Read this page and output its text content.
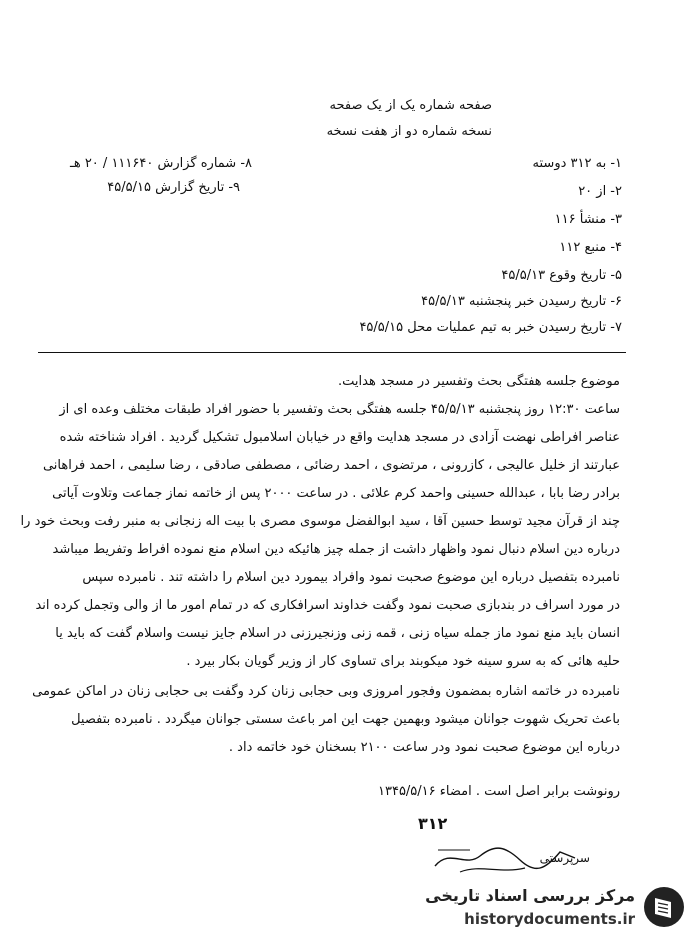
صفحه شماره یک از یک صفحه
نسخه شماره دو از هفت نسخه
۸- شماره گزارش ۱۱۱۶۴۰ / ۲۰ هـ
۹- تاریخ گزارش ۴۵/۵/۱۵
۱- به ۳۱۲ دوسته
۲- از ۲۰
۳- منشأ ۱۱۶
۴- منبع ۱۱۲
۵- تاریخ وقوع ۴۵/۵/۱۳
۶- تاریخ رسیدن خبر پنجشنبه ۴۵/۵/۱۳
۷- تاریخ رسیدن خبر به تیم عملیات محل ۴۵/۵/۱۵
موضوع جلسه هفتگی بحث وتفسیر در مسجد هدایت.
ساعت ۱۲:۳۰ روز پنجشنبه ۴۵/۵/۱۳ جلسه هفتگی بحث وتفسیر با حضور افراد طبقات مختلف وعده ای از
عناصر افراطی نهضت آزادی در مسجد هدایت واقع در خیابان اسلامبول تشکیل گردید . افراد شناخته شده
عبارتند از خلیل عالیجی ، کازرونی ، مرتضوی ، احمد رضائی ، مصطفی صادقی ، رضا سلیمی ، احمد فراهانی
برادر رضا بابا ، عبدالله حسینی واحمد کرم علائی . در ساعت ۲۰۰۰ پس از خاتمه نماز جماعت وتلاوت آیاتی
چند از قرآن مجید توسط حسین آقا ، سید ابوالفضل موسوی مصری با بیت اله زنجانی به منبر رفت وبحث خود را
درباره دین اسلام دنبال نمود واظهار داشت از جمله چیز هائیکه دین اسلام منع نموده افراط وتفریط میباشد
نامبرده بتفصیل درباره این موضوع صحبت نمود وافراد بیمورد دین اسلام را داشته تند . نامبرده سپس
در مورد اسراف در بندبازی صحبت نمود وگفت خداوند اسرافکاری که در تمام امور ما از والی وتجمل کرده اند
انسان باید منع نمود ماز جمله سیاه زنی ، قمه زنی وزنجیرزنی در اسلام جایز نیست واسلام گفت که باید یا
حلیه هائی که به سرو سینه خود میکوبند برای تساوی کار از وزیر گویان بکار بیرد .
نامبرده در خاتمه اشاره بمضمون وفجور امروزی وبی حجابی زنان کرد وگفت بی حجابی زنان در اماکن عمومی
باعث تحریک شهوت جوانان میشود وبهمین جهت این امر باعث سستی جوانان میگردد . نامبرده بتفصیل
درباره این موضوع صحبت نمود ودر ساعت ۲۱۰۰ بسخنان خود خاتمه داد .
رونوشت برابر اصل است . امضاء ۱۳۴۵/۵/۱۶
۳۱۲
سرپرستی
مرکز بررسی اسناد تاریخی
historydocuments.ir
